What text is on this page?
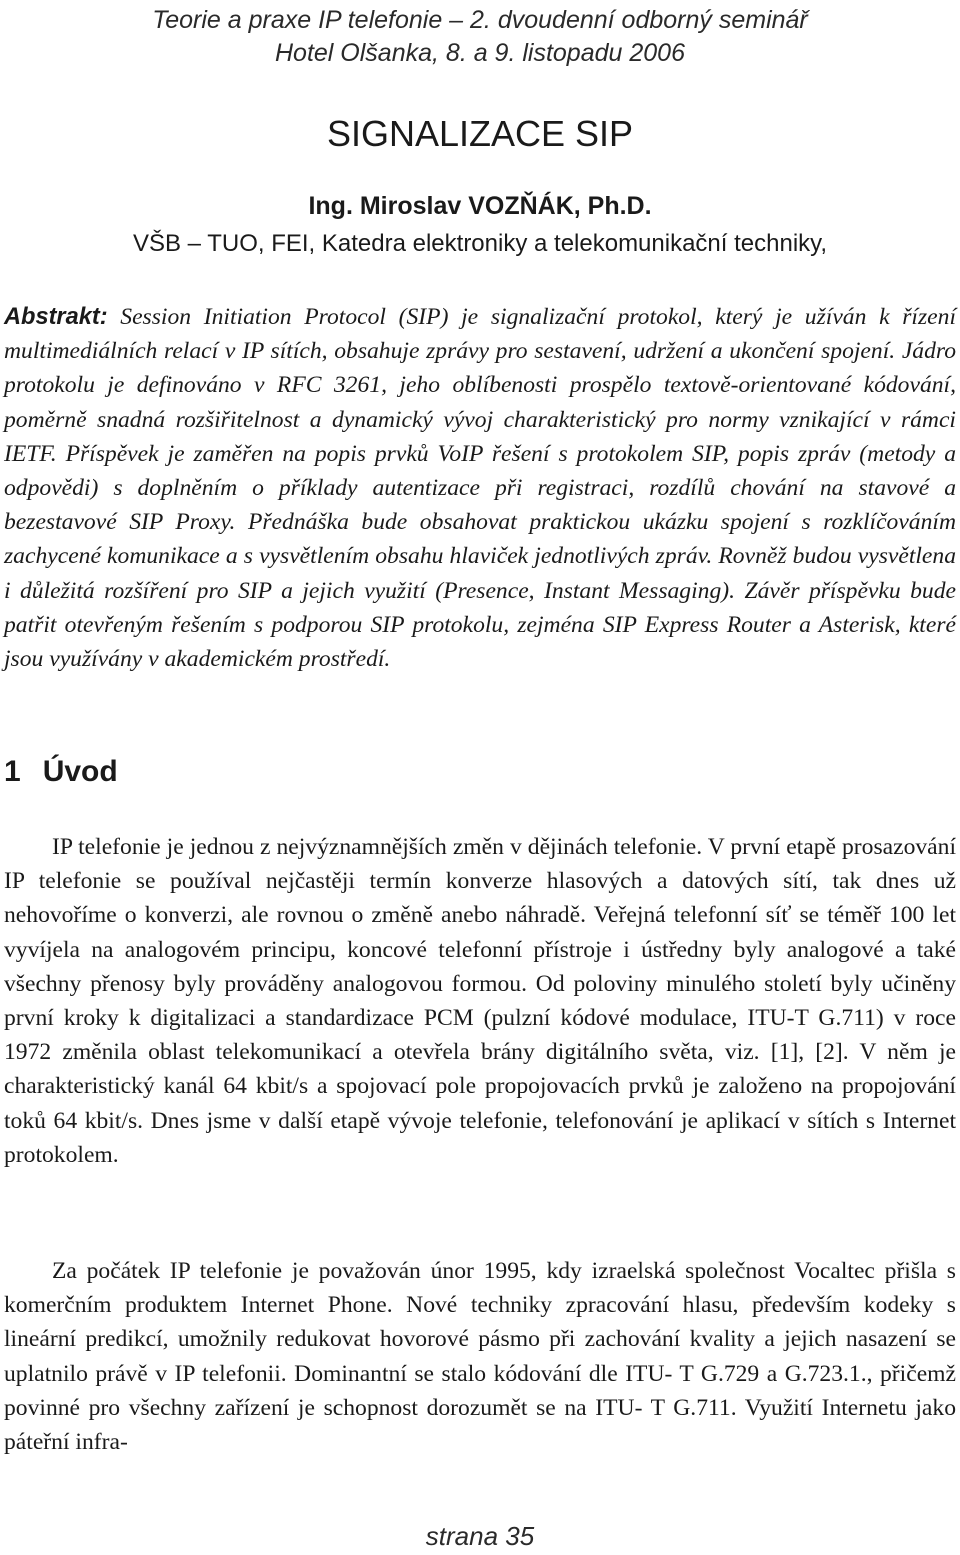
Teorie a praxe IP telefonie – 2. dvoudenní odborný seminář
Hotel Olšanka, 8. a 9. listopadu 2006
SIGNALIZACE SIP
Ing. Miroslav VOZŇÁK, Ph.D.
VŠB – TUO, FEI, Katedra elektroniky a telekomunikační techniky,
Abstrakt: Session Initiation Protocol (SIP) je signalizační protokol, který je užíván k řízení multimediálních relací v IP sítích, obsahuje zprávy pro sestavení, udržení a ukončení spojení. Jádro protokolu je definováno v RFC 3261, jeho oblíbenosti prospělo textově-orientované kódování, poměrně snadná rozšiřitelnost a dynamický vývoj charakteristický pro normy vznikající v rámci IETF. Příspěvek je zaměřen na popis prvků VoIP řešení s protokolem SIP, popis zpráv (metody a odpovědi) s doplněním o příklady autentizace při registraci, rozdílů chování na stavové a bezestavové SIP Proxy. Přednáška bude obsahovat praktickou ukázku spojení s rozklíčováním zachycené komunikace a s vysvětlením obsahu hlaviček jednotlivých zpráv. Rovněž budou vysvětlena i důležitá rozšíření pro SIP a jejich využití (Presence, Instant Messaging). Závěr příspěvku bude patřit otevřeným řešením s podporou SIP protokolu, zejména SIP Express Router a Asterisk, které jsou využívány v akademickém prostředí.
1 Úvod

IP telefonie je jednou z nejvýznamnějších změn v dějinách telefonie. V první etapě prosazování IP telefonie se používal nejčastěji termín konverze hlasových a datových sítí, tak dnes už nehovoříme o konverzi, ale rovnou o změně anebo náhradě. Veřejná telefonní síť se téměř 100 let vyvíjela na analogovém principu, koncové telefonní přístroje i ústředny byly analogové a také všechny přenosy byly prováděny analogovou formou. Od poloviny minulého století byly učiněny první kroky k digitalizaci a standardizace PCM (pulzní kódové modulace, ITU-T G.711) v roce 1972 změnila oblast telekomunikací a otevřela brány digitálního světa, viz. [1], [2]. V něm je charakteristický kanál 64 kbit/s a spojovací pole propojovacích prvků je založeno na propojování toků 64 kbit/s. Dnes jsme v další etapě vývoje telefonie, telefonování je aplikací v sítích s Internet protokolem.

Za počátek IP telefonie je považován únor 1995, kdy izraelská společnost Vocaltec přišla s komerčním produktem Internet Phone. Nové techniky zpracování hlasu, především kodeky s lineární predikcí, umožnily redukovat hovorové pásmo při zachování kvality a jejich nasazení se uplatnilo právě v IP telefonii. Dominantní se stalo kódování dle ITU- T G.729 a G.723.1., přičemž povinné pro všechny zařízení je schopnost dorozumět se na ITU- T G.711. Využití Internetu jako páteřní infra-

strana 35
